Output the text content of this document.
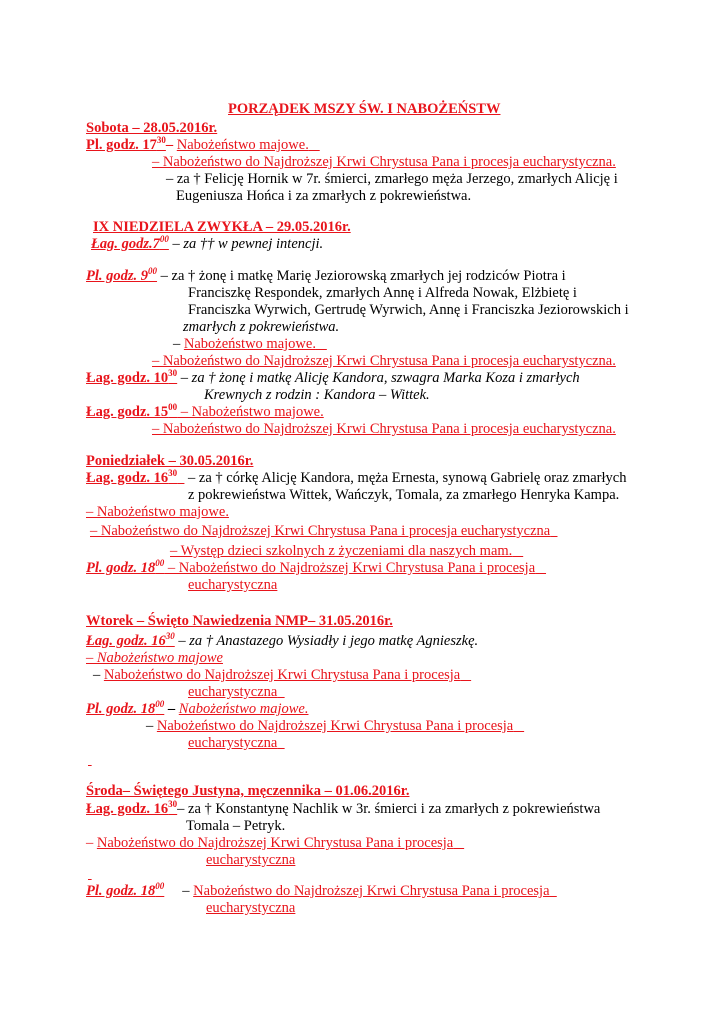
PORZĄDEK MSZY ŚW. I NABOŻEŃSTW
Sobota – 28.05.2016r.
Pl. godz. $17^{30}-$ Nabożeństwo majowe.
– Nabożeństwo do Najdroższej Krwi Chrystusa Pana i procesja eucharystyczna.
– za † Felicję Hornik w 7r. śmierci, zmarłego męża Jerzego, zmarłych Alicję i
Eugeniusza Hońca i za zmarłych z pokrewieństwa.
IX NIEDZIELA ZWYKŁA – 29.05.2016r.
Łag. $godz.7^{00}$ – za †† w pewnej intencji.
Pl. godz. $9^{00}$ – za † żonę i matkę Marię Jeziorowską zmarłych jej rodziców Piotra i
Franciszkę Respondek, zmarłych Annę i Alfreda Nowak, Elżbietę i
Franciszka Wyrwich, Gertrudę Wyrwich, Annę i Franciszka Jeziorowskich i
zmarłych z pokrewieństwa.
– Nabożeństwo majowe.
– Nabożeństwo do Najdroższej Krwi Chrystusa Pana i procesja eucharystyczna.
Łag. godz. $10^{30}$ – za † żonę i matkę Alicję Kandora, szwagra Marka Koza i zmarłych
Krewnych z rodzin : Kandora – Wittek.
Łag. godz. $15^{00}$ – Nabożeństwo majowe.
– Nabożeństwo do Najdroższej Krwi Chrystusa Pana i procesja eucharystyczna.
Poniedziałek – 30.05.2016r.
Łag. godz. $16^{30}$   – za † córkę Alicję Kandora, męża Ernesta, synową Gabrielę oraz zmarłych
z pokrewieństwa Wittek, Wańczyk, Tomala, za zmarłego Henryka Kampa.
– Nabożeństwo majowe.
– Nabożeństwo do Najdroższej Krwi Chrystusa Pana i procesja eucharystyczna
– Występ dzieci szkolnych z życzeniami dla naszych mam.
Pl. godz. $18^{00}$ – Nabożeństwo do Najdroższej Krwi Chrystusa Pana i procesja
eucharystyczna
Wtorek – Święto Nawiedzenia NMP– 31.05.2016r.
Łag. godz. $16^{30}$ – za † Anastazego Wysiadły i jego matkę Agnieszkę.
– Nabożeństwo majowe
– Nabożeństwo do Najdroższej Krwi Chrystusa Pana i procesja
eucharystyczna
Pl. godz. $18^{00}$ – Nabożeństwo majowe.
– Nabożeństwo do Najdroższej Krwi Chrystusa Pana i procesja
eucharystyczna

Środa– Świętego Justyna, męczennika – 01.06.2016r.
Łag. godz. $16^{30}-$ za † Konstantynę Nachlik w 3r. śmierci i za zmarłych z pokrewieństwa
Tomala – Petryk.
– Nabożeństwo do Najdroższej Krwi Chrystusa Pana i procesja
eucharystyczna

Pl. godz. $18^{00}$ – Nabożeństwo do Najdroższej Krwi Chrystusa Pana i procesja
eucharystyczna
